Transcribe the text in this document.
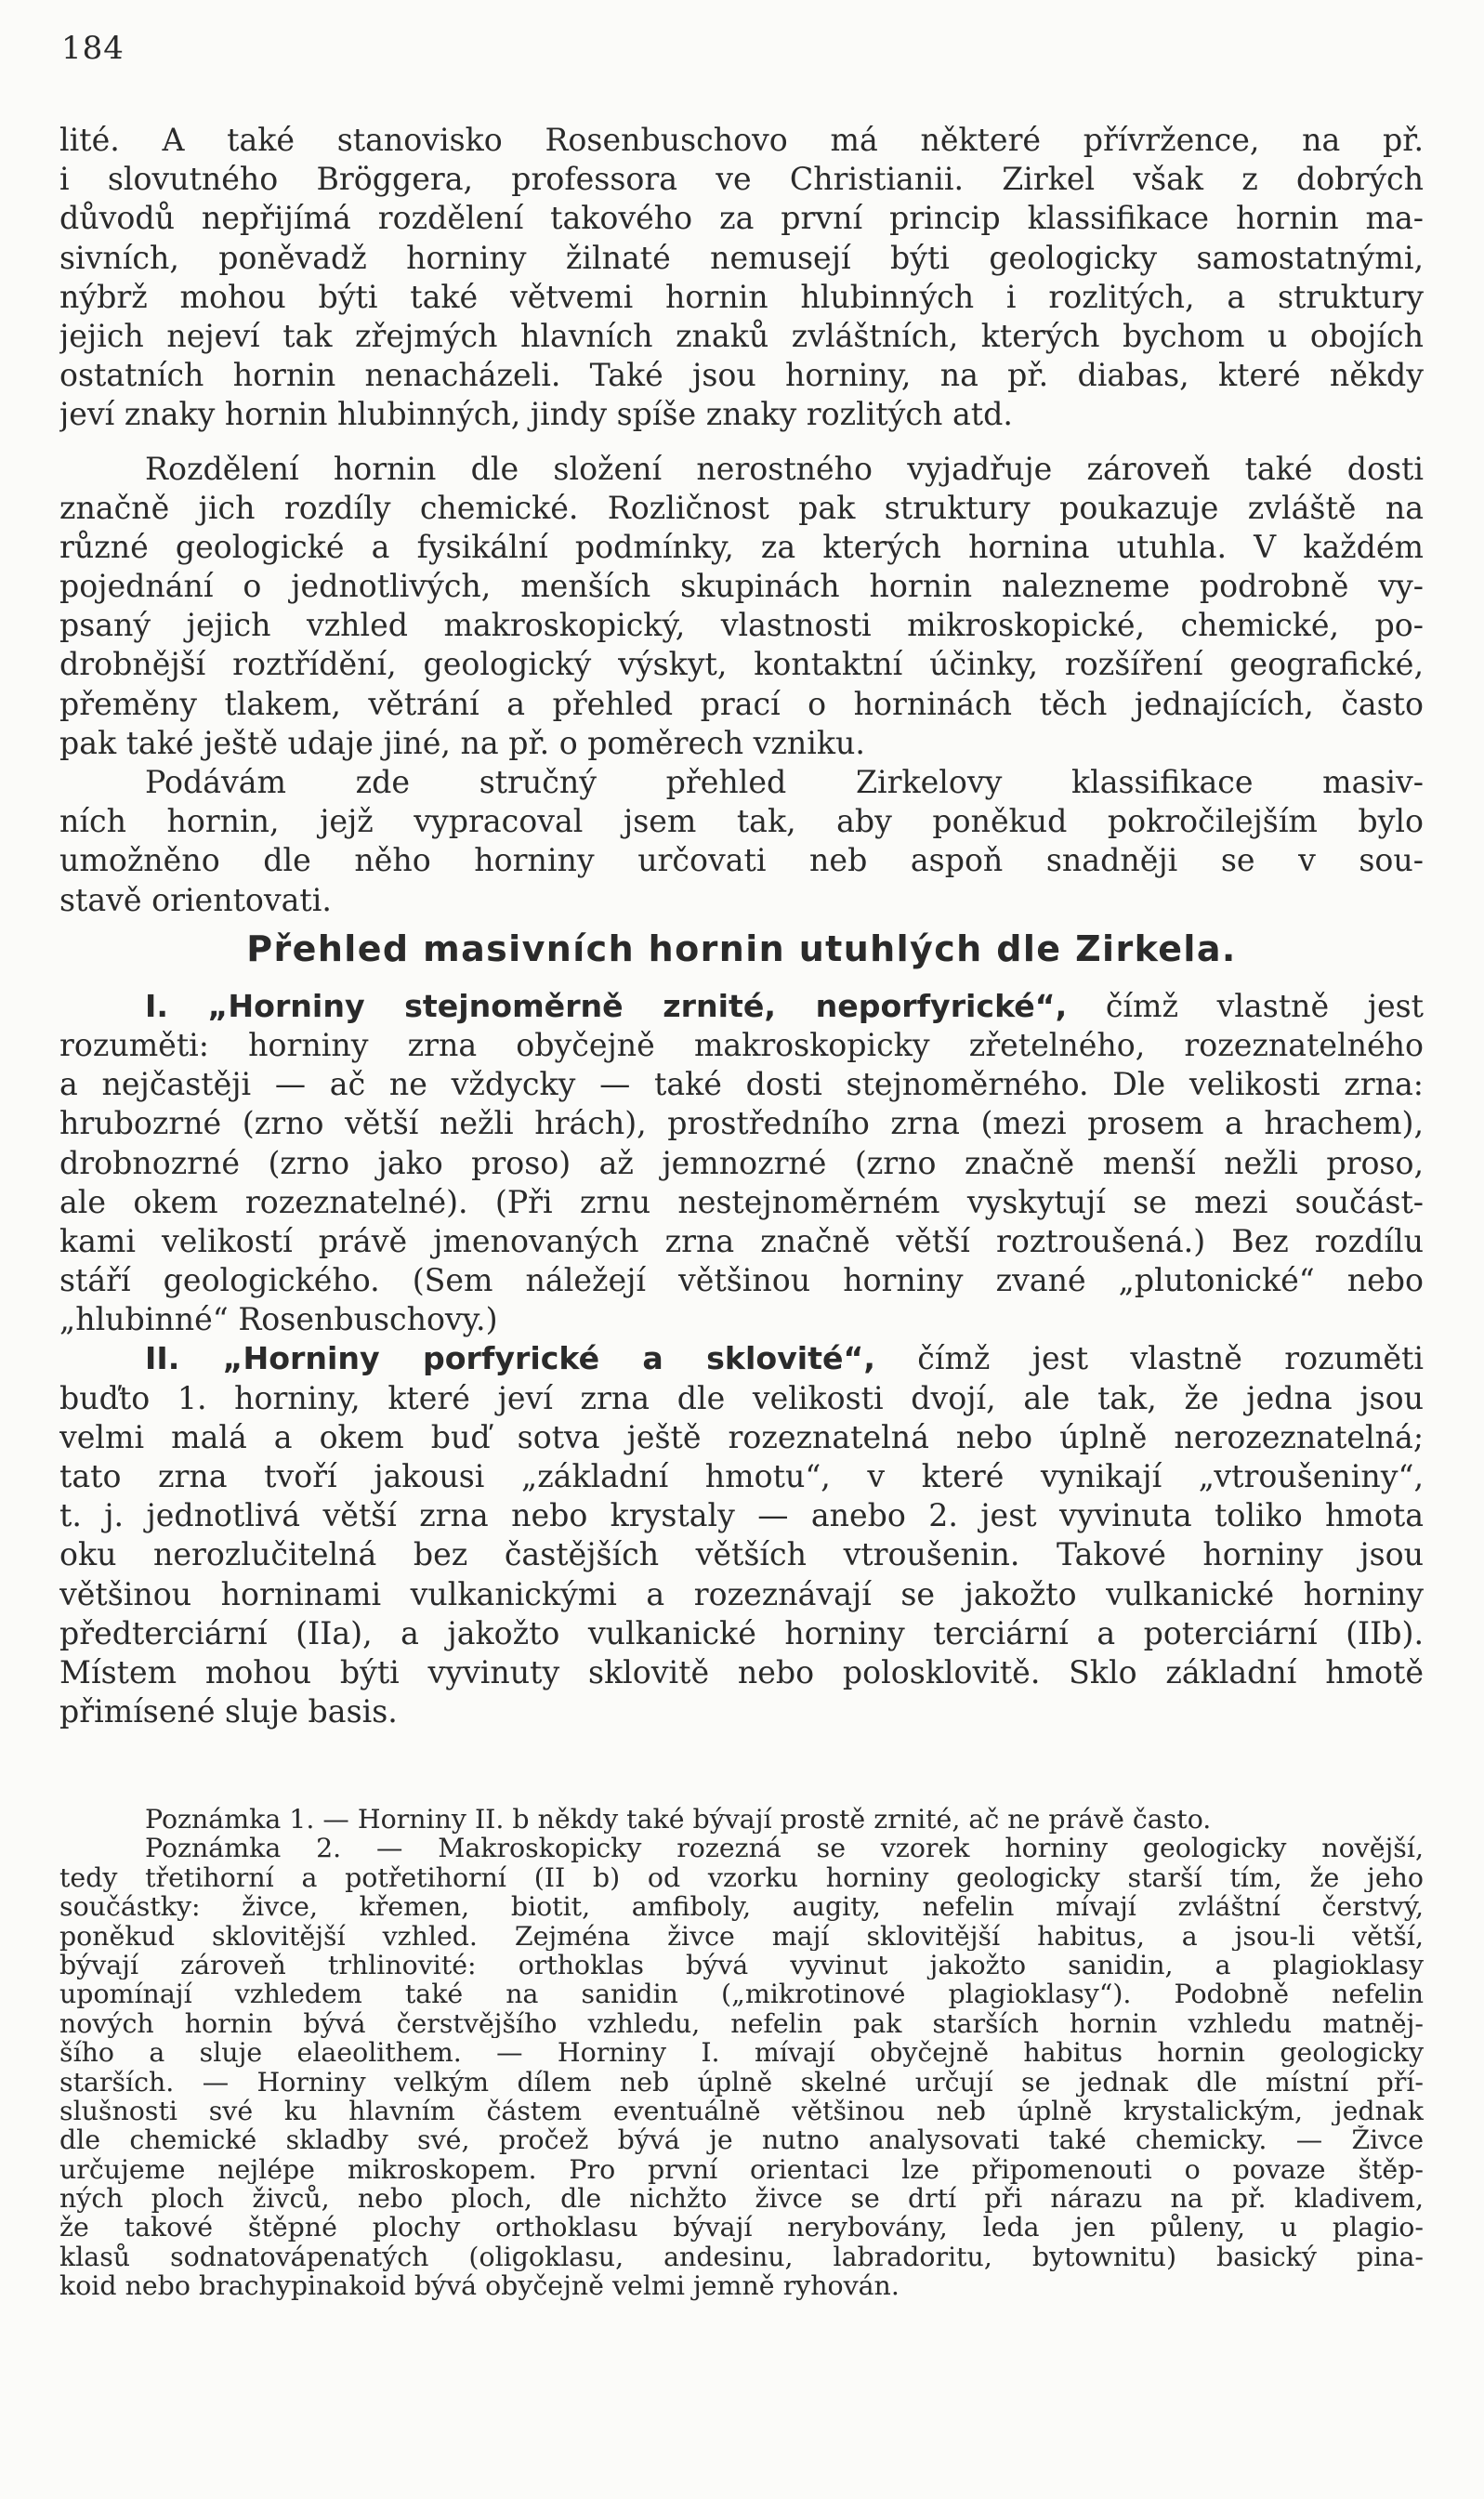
184
lité. A také stanovisko Rosenbuschovo má některé přívržence, na př.
i slovutného Bröggera, professora ve Christianii. Zirkel však z dobrých
důvodů nepřijímá rozdělení takového za první princip klassifikace hornin ma-
sivních, poněvadž horniny žilnaté nemusejí býti geologicky samostatnými,
nýbrž mohou býti také větvemi hornin hlubinných i rozlitých, a struktury
jejich nejeví tak zřejmých hlavních znaků zvláštních, kterých bychom u obojích
ostatních hornin nenacházeli. Také jsou horniny, na př. diabas, které někdy
jeví znaky hornin hlubinných, jindy spíše znaky rozlitých atd.
Rozdělení hornin dle složení nerostného vyjadřuje zároveň také dosti
značně jich rozdíly chemické. Rozličnost pak struktury poukazuje zvláště na
různé geologické a fysikální podmínky, za kterých hornina utuhla. V každém
pojednání o jednotlivých, menších skupinách hornin nalezneme podrobně vy-
psaný jejich vzhled makroskopický, vlastnosti mikroskopické, chemické, po-
drobnější roztřídění, geologický výskyt, kontaktní účinky, rozšíření geografické,
přeměny tlakem, větrání a přehled prací o horninách těch jednajících, často
pak také ještě udaje jiné, na př. o poměrech vzniku.
Podávám zde stručný přehled Zirkelovy klassifikace masiv-
ních hornin, jejž vypracoval jsem tak, aby poněkud pokročilejším bylo
umožněno dle něho horniny určovati neb aspoň snadněji se v sou-
stavě orientovati.
Přehled masivních hornin utuhlých dle Zirkela.
I. „Horniny stejnoměrně zrnité, neporfyrické“, čímž vlastně jest
rozuměti: horniny zrna obyčejně makroskopicky zřetelného, rozeznatelného
a nejčastěji — ač ne vždycky — také dosti stejnoměrného. Dle velikosti zrna:
hrubozrné (zrno větší nežli hrách), prostředního zrna (mezi prosem a hrachem),
drobnozrné (zrno jako proso) až jemnozrné (zrno značně menší nežli proso,
ale okem rozeznatelné). (Při zrnu nestejnoměrném vyskytují se mezi součást-
kami velikostí právě jmenovaných zrna značně větší roztroušená.) Bez rozdílu
stáří geologického. (Sem náležejí většinou horniny zvané „plutonické“ nebo
„hlubinné“ Rosenbuschovy.)
II. „Horniny porfyrické a sklovité“, čímž jest vlastně rozuměti
buďto 1. horniny, které jeví zrna dle velikosti dvojí, ale tak, že jedna jsou
velmi malá a okem buď sotva ještě rozeznatelná nebo úplně nerozeznatelná;
tato zrna tvoří jakousi „základní hmotu“, v které vynikají „vtroušeniny“,
t. j. jednotlivá větší zrna nebo krystaly — anebo 2. jest vyvinuta toliko hmota
oku nerozlučitelná bez častějších větších vtroušenin. Takové horniny jsou
většinou horninami vulkanickými a rozeznávají se jakožto vulkanické horniny
předterciární (IIa), a jakožto vulkanické horniny terciární a poterciární (IIb).
Místem mohou býti vyvinuty sklovitě nebo polosklovitě. Sklo základní hmotě
přimísené sluje basis.
Poznámka 1. — Horniny II. b někdy také bývají prostě zrnité, ač ne právě často.
Poznámka 2. — Makroskopicky rozezná se vzorek horniny geologicky novější,
tedy třetihorní a potřetihorní (II b) od vzorku horniny geologicky starší tím, že jeho
součástky: živce, křemen, biotit, amfiboly, augity, nefelin mívají zvláštní čerstvý,
poněkud sklovitější vzhled. Zejména živce mají sklovitější habitus, a jsou-li větší,
bývají zároveň trhlinovité: orthoklas bývá vyvinut jakožto sanidin, a plagioklasy
upomínají vzhledem také na sanidin („mikrotinové plagioklasy“). Podobně nefelin
nových hornin bývá čerstvějšího vzhledu, nefelin pak starších hornin vzhledu matněj-
šího a sluje elaeolithem. — Horniny I. mívají obyčejně habitus hornin geologicky
starších. — Horniny velkým dílem neb úplně skelné určují se jednak dle místní pří-
slušnosti své ku hlavním částem eventuálně většinou neb úplně krystalickým, jednak
dle chemické skladby své, pročež bývá je nutno analysovati také chemicky. — Živce
určujeme nejlépe mikroskopem. Pro první orientaci lze připomenouti o povaze štěp-
ných ploch živců, nebo ploch, dle nichžto živce se drtí při nárazu na př. kladivem,
že takové štěpné plochy orthoklasu bývají nerybovány, leda jen půleny, u plagio-
klasů sodnatovápenatých (oligoklasu, andesinu, labradoritu, bytownitu) basický pina-
koid nebo brachypinakoid bývá obyčejně velmi jemně ryhován.
